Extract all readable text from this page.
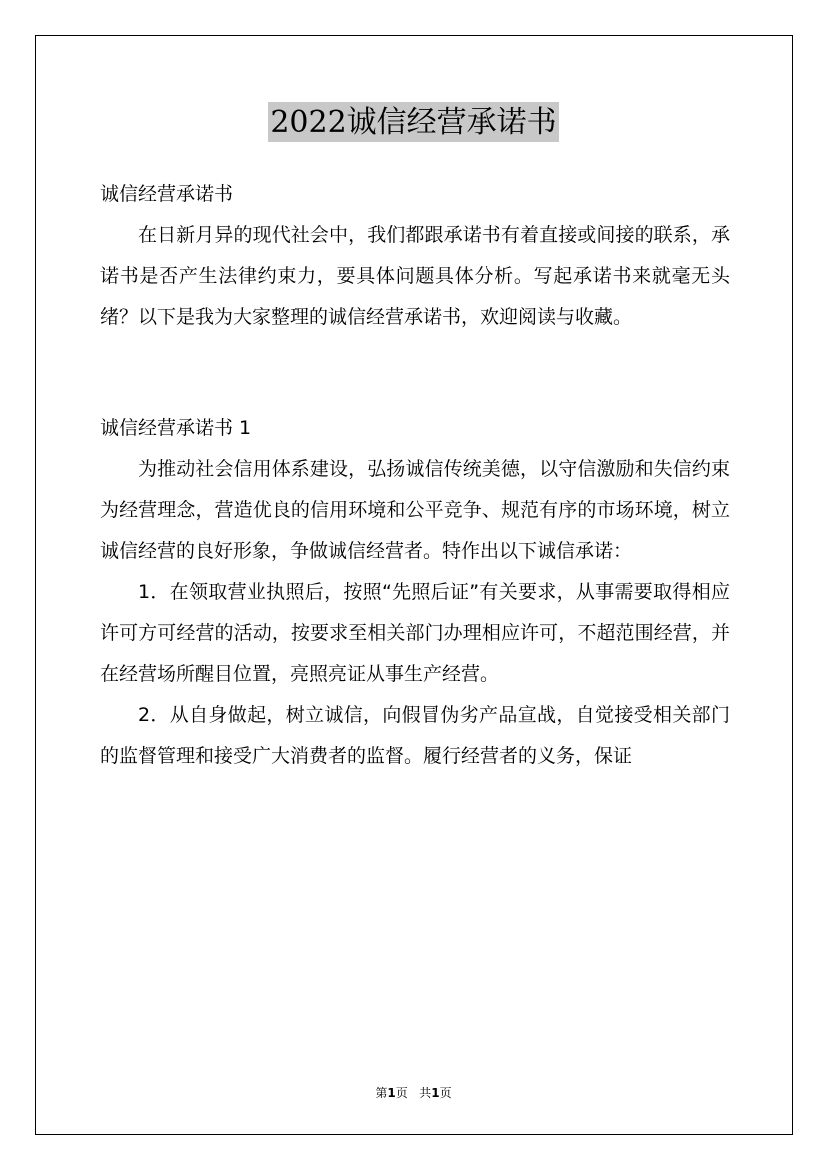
2022诚信经营承诺书

诚信经营承诺书

在日新月异的现代社会中，我们都跟承诺书有着直接或间接的联系，承诺书是否产生法律约束力，要具体问题具体分析。写起承诺书来就毫无头绪？以下是我为大家整理的诚信经营承诺书，欢迎阅读与收藏。

诚信经营承诺书 1

为推动社会信用体系建设，弘扬诚信传统美德，以守信激励和失信约束为经营理念，营造优良的信用环境和公平竞争、规范有序的市场环境，树立诚信经营的良好形象，争做诚信经营者。特作出以下诚信承诺：

1．在领取营业执照后，按照“先照后证”有关要求，从事需要取得相应许可方可经营的活动，按要求至相关部门办理相应许可，不超范围经营，并在经营场所醒目位置，亮照亮证从事生产经营。

2．从自身做起，树立诚信，向假冒伪劣产品宣战，自觉接受相关部门的监督管理和接受广大消费者的监督。履行经营者的义务，保证

第1页 共1页
